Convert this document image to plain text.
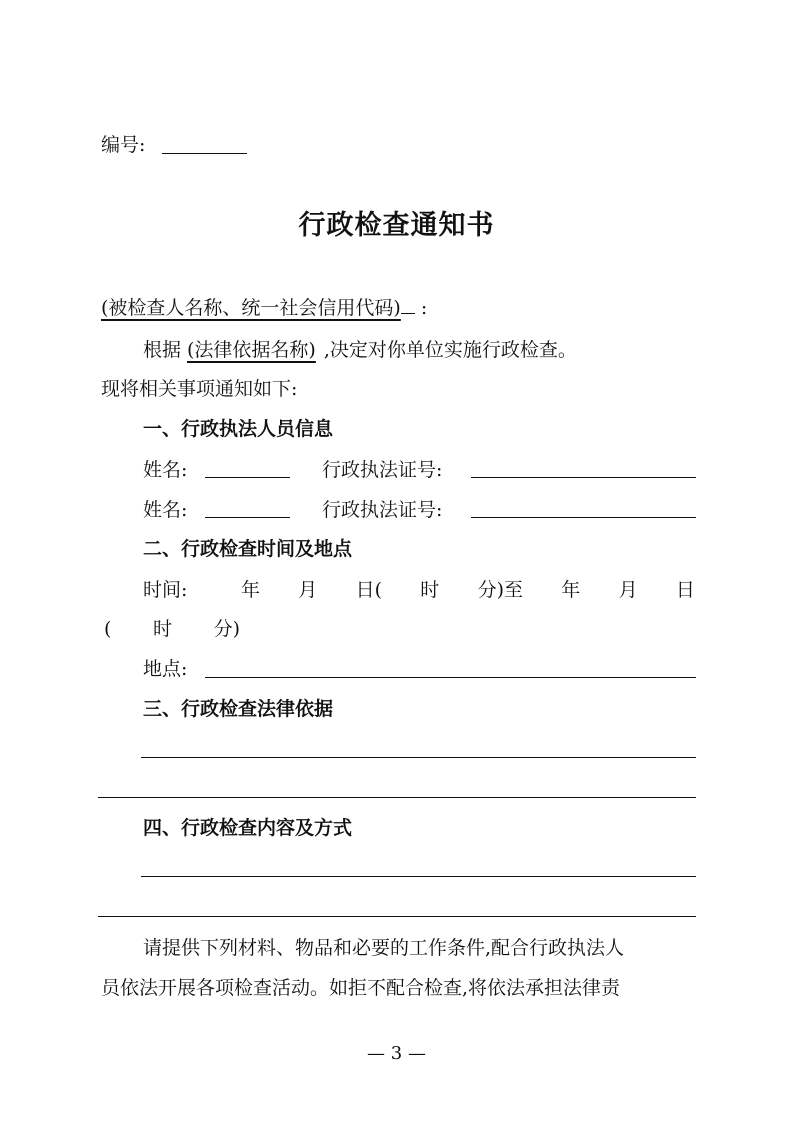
编号:
行政检查通知书
(被检查人名称、统一社会信用代码) :
根据 (法律依据名称) ,决定对你单位实施行政检查。
现将相关事项通知如下:
一、行政执法人员信息
姓名:	行政执法证号:
姓名:	行政执法证号:
二、行政检查时间及地点
时间:	年 月 日( 时 分)至 年 月 日
( 时 分)
地点:
三、行政检查法律依据
四、行政检查内容及方式
请提供下列材料、物品和必要的工作条件,配合行政执法人
员依法开展各项检查活动。如拒不配合检查,将依法承担法律责
— 3 —
